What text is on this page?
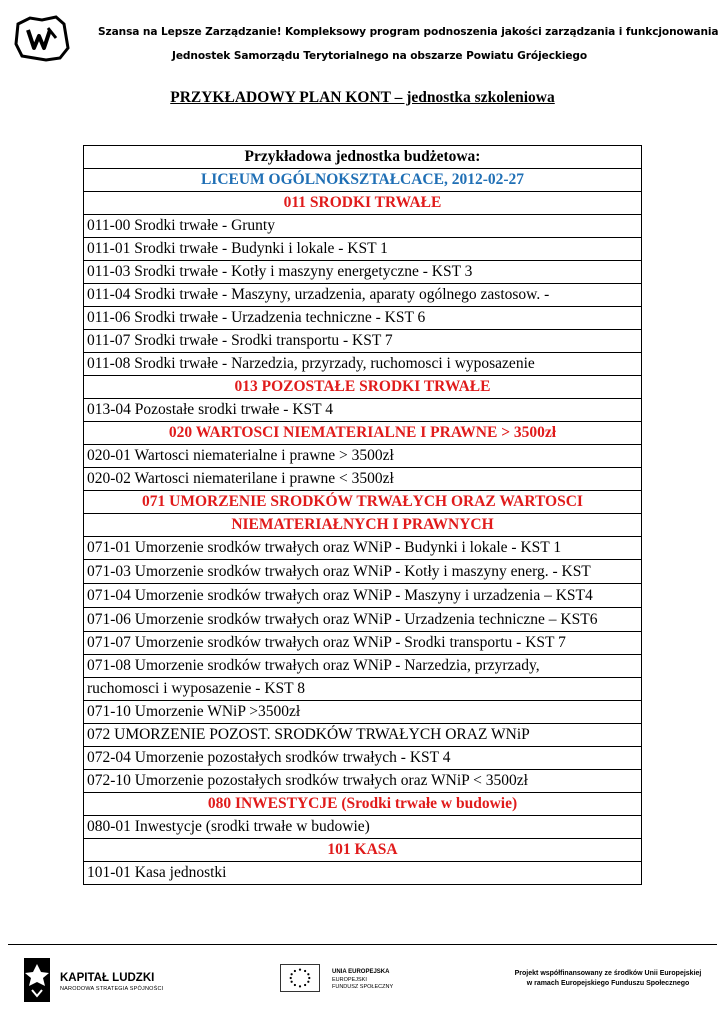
Szansa na Lepsze Zarządzanie! Kompleksowy program podnoszenia jakości zarządzania i funkcjonowania
Jednostek Samorządu Terytorialnego na obszarze Powiatu Grójeckiego
PRZYKŁADOWY PLAN KONT – jednostka szkoleniowa
Przykładowa jednostka budżetowa:
LICEUM OGÓLNOKSZTAŁCACE, 2012-02-27
011 SRODKI TRWAŁE
011-00 Srodki trwałe - Grunty
011-01 Srodki trwałe - Budynki i lokale - KST 1
011-03 Srodki trwałe - Kotły i maszyny energetyczne - KST 3
011-04 Srodki trwałe - Maszyny, urzadzenia, aparaty ogólnego zastosow. -
011-06 Srodki trwałe - Urzadzenia techniczne - KST 6
011-07 Srodki trwałe - Srodki transportu - KST 7
011-08 Srodki trwałe - Narzedzia, przyrzady, ruchomosci i wyposazenie
013 POZOSTAŁE SRODKI TRWAŁE
013-04 Pozostałe srodki trwałe - KST 4
020 WARTOSCI NIEMATERIALNE I PRAWNE > 3500zł
020-01 Wartosci niematerialne i prawne > 3500zł
020-02 Wartosci niematerilane i prawne < 3500zł
071 UMORZENIE SRODKÓW TRWAŁYCH ORAZ WARTOSCI
NIEMATERIAŁNYCH I PRAWNYCH
071-01 Umorzenie srodków trwałych oraz WNiP - Budynki i lokale - KST 1
071-03 Umorzenie srodków trwałych oraz WNiP - Kotły i maszyny energ. - KST
071-04 Umorzenie srodków trwałych oraz WNiP - Maszyny i urzadzenia – KST4
071-06 Umorzenie srodków trwałych oraz WNiP - Urzadzenia techniczne – KST6
071-07 Umorzenie srodków trwałych oraz WNiP - Srodki transportu - KST 7
071-08 Umorzenie srodków trwałych oraz WNiP - Narzedzia, przyrzady,
ruchomosci i wyposazenie - KST 8
071-10 Umorzenie WNiP >3500zł
072 UMORZENIE POZOST. SRODKÓW TRWAŁYCH ORAZ WNiP
072-04 Umorzenie pozostałych srodków trwałych - KST 4
072-10 Umorzenie pozostałych srodków trwałych oraz WNiP < 3500zł
080 INWESTYCJE (Srodki trwałe w budowie)
080-01 Inwestycje (srodki trwałe w budowie)
101 KASA
101-01 Kasa jednostki
KAPITAŁ LUDZKI
NARODOWA STRATEGIA SPÓJNOŚCI
UNIA EUROPEJSKA
EUROPEJSKI
FUNDUSZ SPOŁECZNY
Projekt współfinansowany ze środków Unii Europejskiej
w ramach Europejskiego Funduszu Społecznego
